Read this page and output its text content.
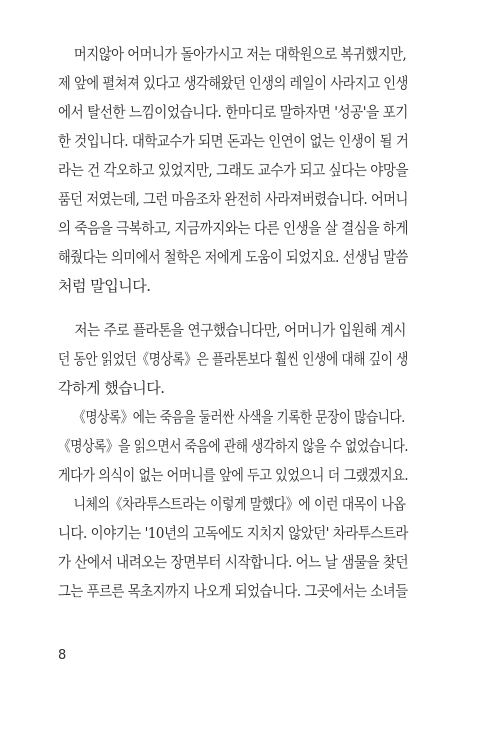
머지않아 어머니가 돌아가시고 저는 대학원으로 복귀했지만,
제 앞에 펼쳐져 있다고 생각해왔던 인생의 레일이 사라지고 인생
에서 탈선한 느낌이었습니다. 한마디로 말하자면 '성공'을 포기
한 것입니다. 대학교수가 되면 돈과는 인연이 없는 인생이 될 거
라는 건 각오하고 있었지만, 그래도 교수가 되고 싶다는 야망을
품던 저였는데, 그런 마음조차 완전히 사라져버렸습니다. 어머니
의 죽음을 극복하고, 지금까지와는 다른 인생을 살 결심을 하게
해줬다는 의미에서 철학은 저에게 도움이 되었지요. 선생님 말씀
처럼 말입니다.
저는 주로 플라톤을 연구했습니다만, 어머니가 입원해 계시
던 동안 읽었던《명상록》은 플라톤보다 훨씬 인생에 대해 깊이 생
각하게 했습니다.
《명상록》에는 죽음을 둘러싼 사색을 기록한 문장이 많습니다.
《명상록》을 읽으면서 죽음에 관해 생각하지 않을 수 없었습니다.
게다가 의식이 없는 어머니를 앞에 두고 있었으니 더 그랬겠지요.
니체의《차라투스트라는 이렇게 말했다》에 이런 대목이 나옵
니다. 이야기는 '10년의 고독에도 지치지 않았던' 차라투스트라
가 산에서 내려오는 장면부터 시작합니다. 어느 날 샘물을 찾던
그는 푸르른 목초지까지 나오게 되었습니다. 그곳에서는 소녀들
8
